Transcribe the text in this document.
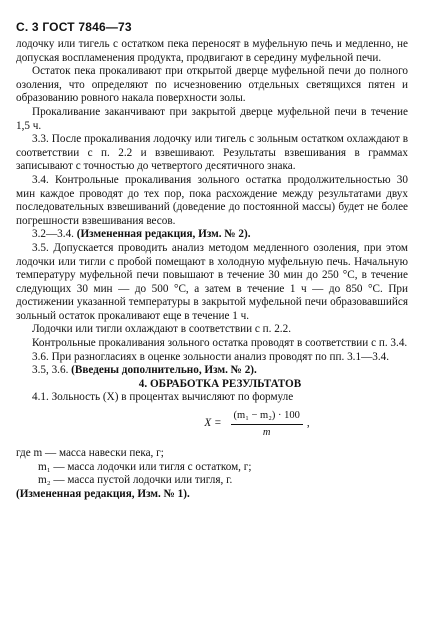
С. 3 ГОСТ 7846—73

лодочку или тигель с остатком пека переносят в муфельную печь и медленно, не допуская воспламенения продукта, продвигают в середину муфельной печи.

Остаток пека прокаливают при открытой дверце муфельной печи до полного озоления, что определяют по исчезновению отдельных светящихся пятен и образованию ровного накала поверхности золы.

Прокаливание заканчивают при закрытой дверце муфельной печи в течение 1,5 ч.

3.3. После прокаливания лодочку или тигель с зольным остатком охлаждают в соответствии с п. 2.2 и взвешивают. Результаты взвешивания в граммах записывают с точностью до четвертого десятичного знака.

3.4. Контрольные прокаливания зольного остатка продолжительностью 30 мин каждое проводят до тех пор, пока расхождение между результатами двух последовательных взвешиваний (доведение до постоянной массы) будет не более погрешности взвешивания весов.

3.2—3.4. (Измененная редакция, Изм. № 2).

3.5. Допускается проводить анализ методом медленного озоления, при этом лодочки или тигли с пробой помещают в холодную муфельную печь. Начальную температуру муфельной печи повышают в течение 30 мин до 250 °С, в течение следующих 30 мин — до 500 °С, а затем в течение 1 ч — до 850 °С. При достижении указанной температуры в закрытой муфельной печи образовавшийся зольный остаток прокаливают еще в течение 1 ч.

Лодочки или тигли охлаждают в соответствии с п. 2.2.

Контрольные прокаливания зольного остатка проводят в соответствии с п. 3.4.

3.6. При разногласиях в оценке зольности анализ проводят по пп. 3.1—3.4.

3.5, 3.6. (Введены дополнительно, Изм. № 2).

4. ОБРАБОТКА РЕЗУЛЬТАТОВ

4.1. Зольность (X) в процентах вычисляют по формуле

$X = \frac{\text{(m₁ − m₂) · 100}}{m}$ ,

где m — масса навески пека, г;

m₁ — масса лодочки или тигля с остатком, г;

m₂ — масса пустой лодочки или тигля, г.

(Измененная редакция, Изм. № 1).
